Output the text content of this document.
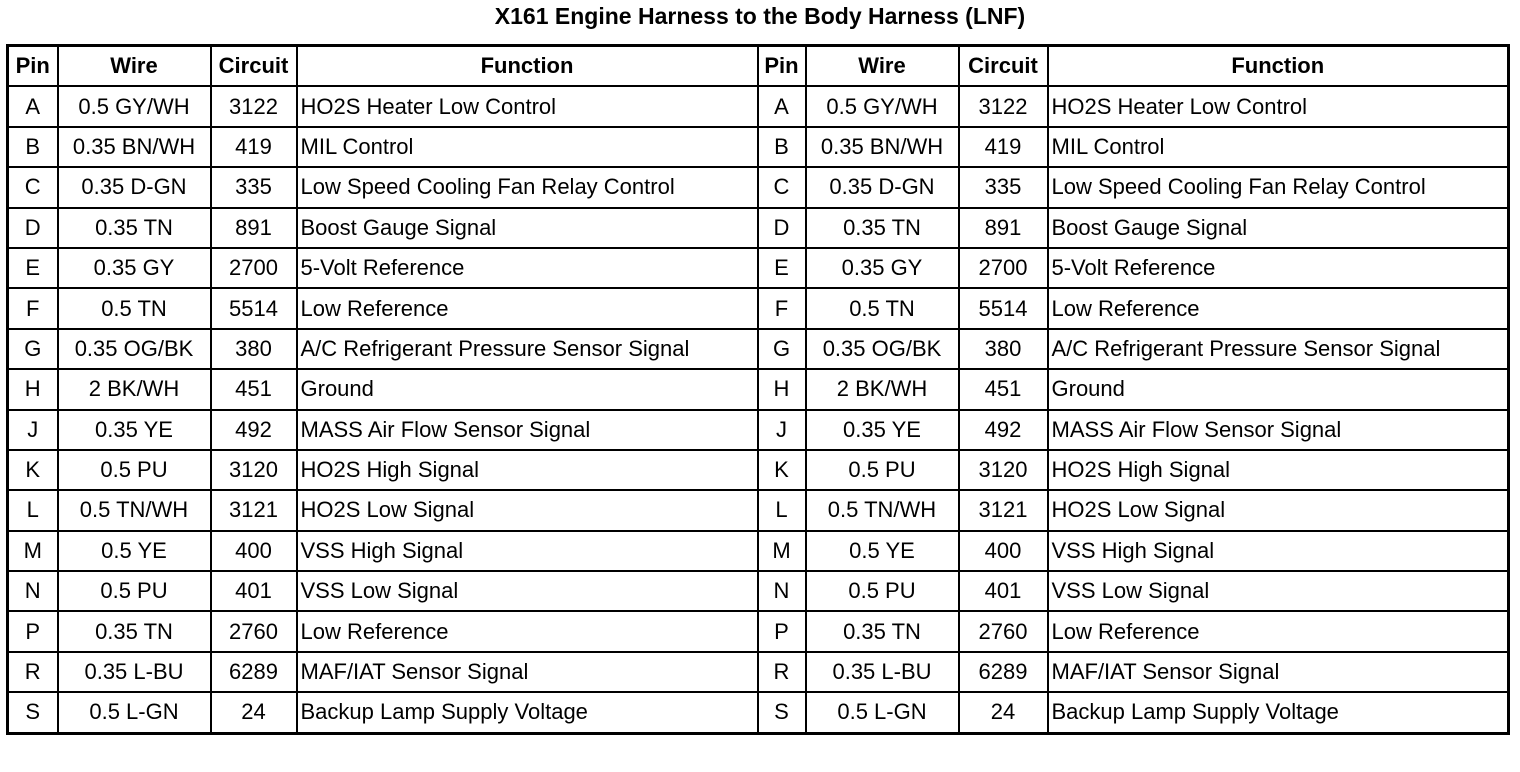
X161 Engine Harness to the Body Harness (LNF)
Pin	Wire	Circuit	Function	Pin	Wire	Circuit	Function
A	0.5 GY/WH	3122	HO2S Heater Low Control	A	0.5 GY/WH	3122	HO2S Heater Low Control
B	0.35 BN/WH	419	MIL Control	B	0.35 BN/WH	419	MIL Control
C	0.35 D-GN	335	Low Speed Cooling Fan Relay Control	C	0.35 D-GN	335	Low Speed Cooling Fan Relay Control
D	0.35 TN	891	Boost Gauge Signal	D	0.35 TN	891	Boost Gauge Signal
E	0.35 GY	2700	5-Volt Reference	E	0.35 GY	2700	5-Volt Reference
F	0.5 TN	5514	Low Reference	F	0.5 TN	5514	Low Reference
G	0.35 OG/BK	380	A/C Refrigerant Pressure Sensor Signal	G	0.35 OG/BK	380	A/C Refrigerant Pressure Sensor Signal
H	2 BK/WH	451	Ground	H	2 BK/WH	451	Ground
J	0.35 YE	492	MASS Air Flow Sensor Signal	J	0.35 YE	492	MASS Air Flow Sensor Signal
K	0.5 PU	3120	HO2S High Signal	K	0.5 PU	3120	HO2S High Signal
L	0.5 TN/WH	3121	HO2S Low Signal	L	0.5 TN/WH	3121	HO2S Low Signal
M	0.5 YE	400	VSS High Signal	M	0.5 YE	400	VSS High Signal
N	0.5 PU	401	VSS Low Signal	N	0.5 PU	401	VSS Low Signal
P	0.35 TN	2760	Low Reference	P	0.35 TN	2760	Low Reference
R	0.35 L-BU	6289	MAF/IAT Sensor Signal	R	0.35 L-BU	6289	MAF/IAT Sensor Signal
S	0.5 L-GN	24	Backup Lamp Supply Voltage	S	0.5 L-GN	24	Backup Lamp Supply Voltage
